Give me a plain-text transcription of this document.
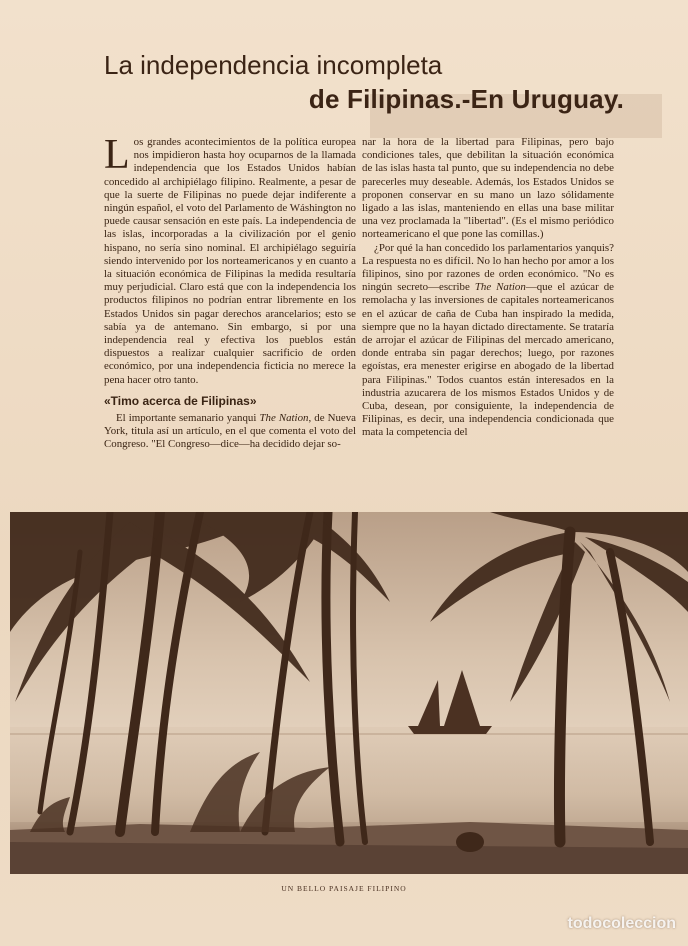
La independencia incompleta
de Filipinas.-En Uruguay.

Los grandes acontecimientos de la política europea nos impidieron hasta hoy ocuparnos de la llamada independencia que los Estados Unidos habían concedido al archipiélago filipino. Realmente, a pesar de que la suerte de Filipinas no puede dejar indiferente a ningún español, el voto del Parlamento de Wáshington no puede causar sensación en este país. La independencia de las islas, incorporadas a la civilización por el genio hispano, no sería sino nominal. El archipiélago seguiría siendo intervenido por los norteamericanos y en cuanto a la situación económica de Filipinas la medida resultaría muy perjudicial. Claro está que con la independencia los productos filipinos no podrían entrar libremente en los Estados Unidos sin pagar derechos arancelarios; esto se sabía ya de antemano. Sin embargo, si por una independencia real y efectiva los pueblos están dispuestos a realizar cualquier sacrificio de orden económico, por una independencia ficticia no merece la pena hacer otro tanto.

«Timo acerca de Filipinas»

El importante semanario yanqui The Nation, de Nueva York, titula así un artículo, en el que comenta el voto del Congreso. "El Congreso—dice—ha decidido dejar so-

nar la hora de la libertad para Filipinas, pero bajo condiciones tales, que debilitan la situación económica de las islas hasta tal punto, que su independencia no debe parecerles muy deseable. Además, los Estados Unidos se proponen conservar en su mano un lazo sólidamente ligado a las islas, manteniendo en ellas una base militar una vez proclamada la "libertad". (Es el mismo periódico norteamericano el que pone las comillas.)

¿Por qué la han concedido los parlamentarios yanquis? La respuesta no es difícil. No lo han hecho por amor a los filipinos, sino por razones de orden económico. "No es ningún secreto—escribe The Nation—que el azúcar de remolacha y las inversiones de capitales norteamericanos en el azúcar de caña de Cuba han inspirado la medida, siempre que no la hayan dictado directamente. Se trataría de arrojar el azúcar de Filipinas del mercado americano, donde entraba sin pagar derechos; luego, por razones egoístas, era menester erigirse en abogado de la libertad para Filipinas." Todos cuantos están interesados en la industria azucarera de los mismos Estados Unidos y de Cuba, desean, por consiguiente, la independencia de Filipinas, es decir, una independencia condicionada que mata la competencia del

UN BELLO PAISAJE FILIPINO

todocoleccion
